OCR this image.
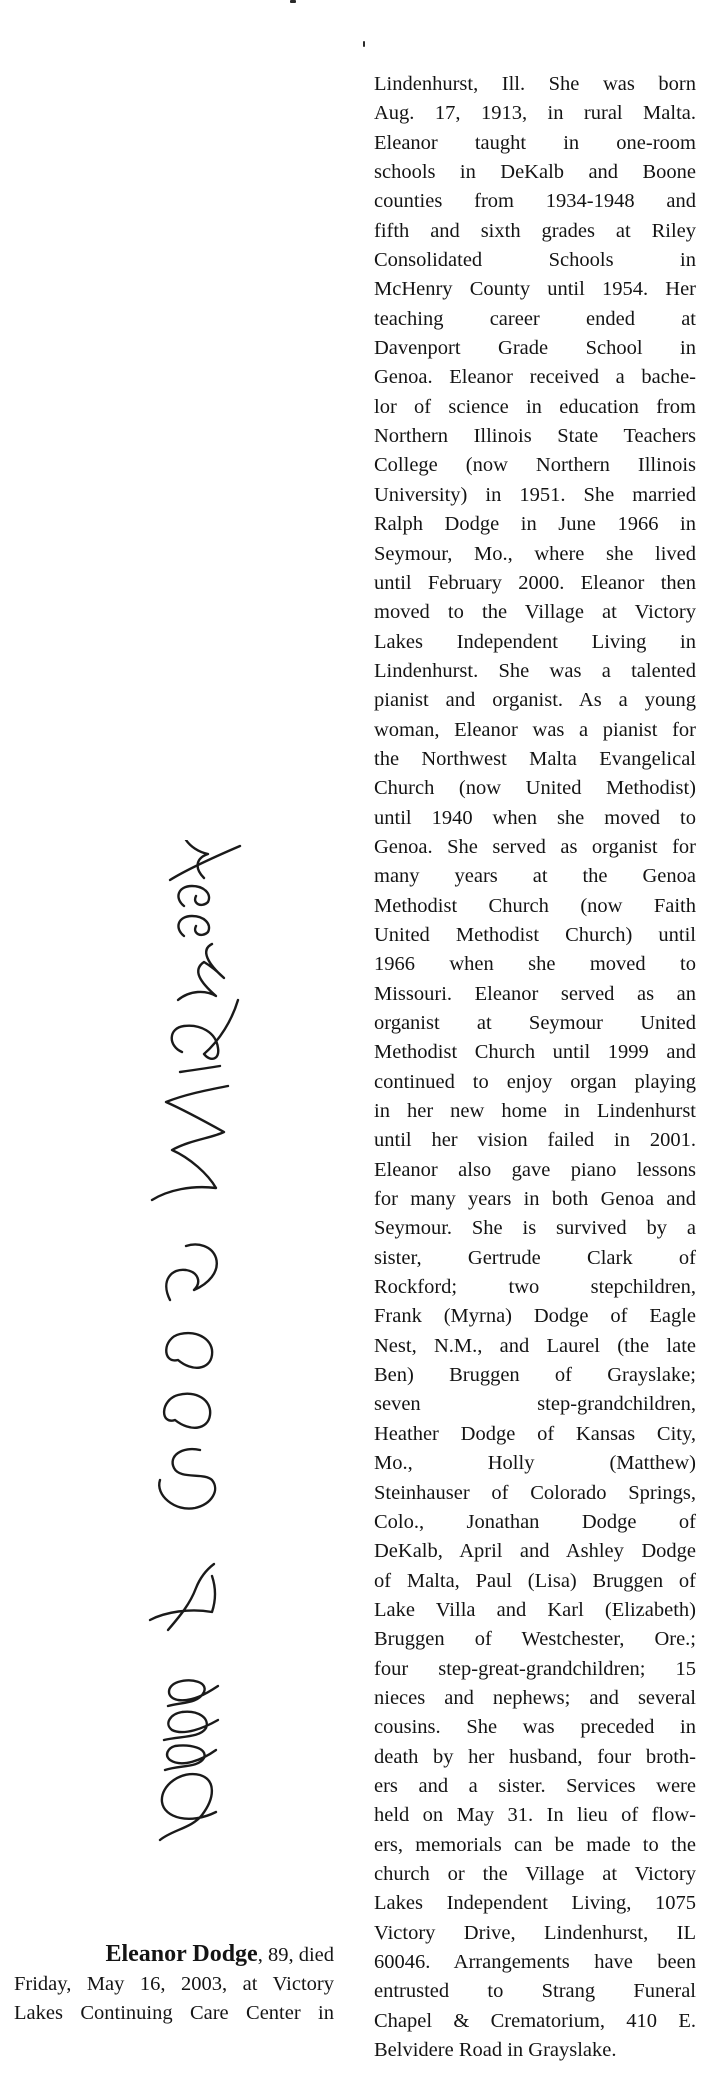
Lindenhurst, Ill. She was born
Aug. 17, 1913, in rural Malta.
Eleanor taught in one-room
schools in DeKalb and Boone
counties from 1934-1948 and
fifth and sixth grades at Riley
Consolidated Schools in
McHenry County until 1954. Her
teaching career ended at
Davenport Grade School in
Genoa. Eleanor received a bache-
lor of science in education from
Northern Illinois State Teachers
College (now Northern Illinois
University) in 1951. She married
Ralph Dodge in June 1966 in
Seymour, Mo., where she lived
until February 2000. Eleanor then
moved to the Village at Victory
Lakes Independent Living in
Lindenhurst. She was a talented
pianist and organist. As a young
woman, Eleanor was a pianist for
the Northwest Malta Evangelical
Church (now United Methodist)
until 1940 when she moved to
Genoa. She served as organist for
many years at the Genoa
Methodist Church (now Faith
United Methodist Church) until
1966 when she moved to
Missouri. Eleanor served as an
organist at Seymour United
Methodist Church until 1999 and
continued to enjoy organ playing
in her new home in Lindenhurst
until her vision failed in 2001.
Eleanor also gave piano lessons
for many years in both Genoa and
Seymour. She is survived by a
sister, Gertrude Clark of
Rockford; two stepchildren,
Frank (Myrna) Dodge of Eagle
Nest, N.M., and Laurel (the late
Ben) Bruggen of Grayslake;
seven step-grandchildren,
Heather Dodge of Kansas City,
Mo., Holly (Matthew)
Steinhauser of Colorado Springs,
Colo., Jonathan Dodge of
DeKalb, April and Ashley Dodge
of Malta, Paul (Lisa) Bruggen of
Lake Villa and Karl (Elizabeth)
Bruggen of Westchester, Ore.;
four step-great-grandchildren; 15
nieces and nephews; and several
cousins. She was preceded in
death by her husband, four broth-
ers and a sister. Services were
held on May 31. In lieu of flow-
ers, memorials can be made to the
church or the Village at Victory
Lakes Independent Living, 1075
Victory Drive, Lindenhurst, IL
60046. Arrangements have been
entrusted to Strang Funeral
Chapel & Crematorium, 410 E.
Belvidere Road in Grayslake.
Eleanor Dodge, 89, died
Friday, May 16, 2003, at Victory
Lakes Continuing Care Center in
